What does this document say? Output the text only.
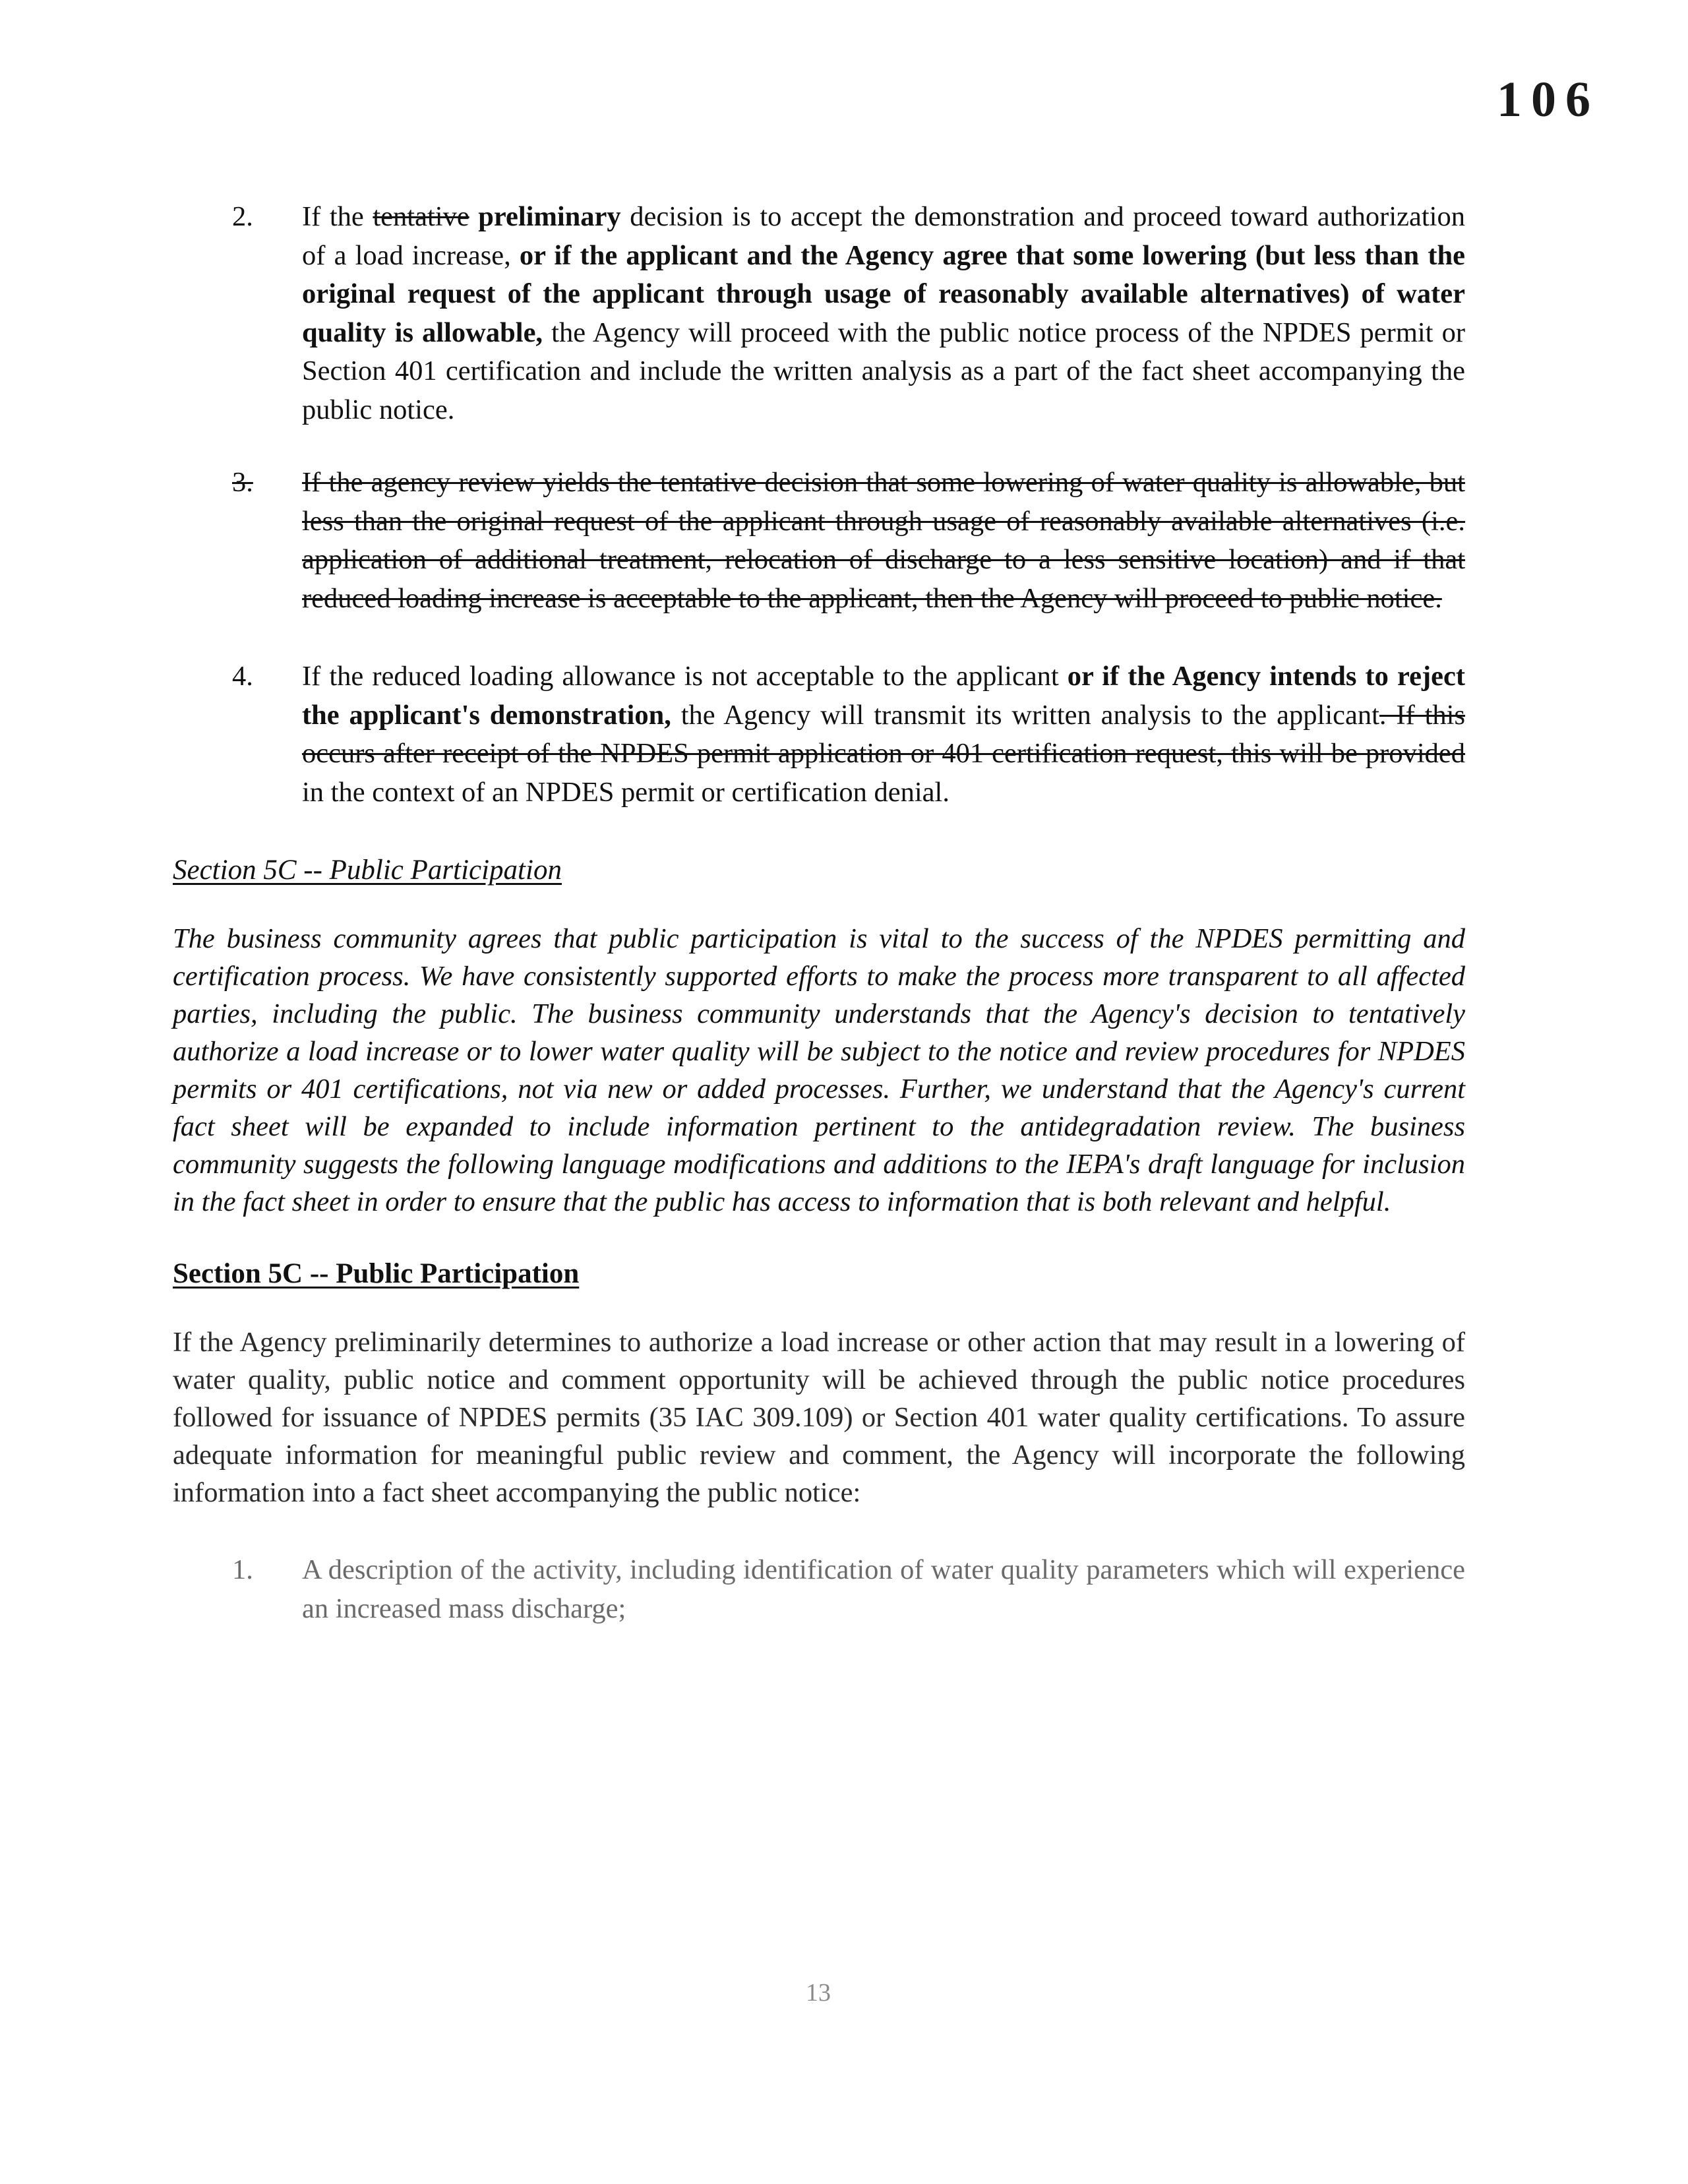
106
2. If the tentative preliminary decision is to accept the demonstration and proceed toward authorization of a load increase, or if the applicant and the Agency agree that some lowering (but less than the original request of the applicant through usage of reasonably available alternatives) of water quality is allowable, the Agency will proceed with the public notice process of the NPDES permit or Section 401 certification and include the written analysis as a part of the fact sheet accompanying the public notice.

3. If the agency review yields the tentative decision that some lowering of water quality is allowable, but less than the original request of the applicant through usage of reasonably available alternatives (i.e. application of additional treatment, relocation of discharge to a less sensitive location) and if that reduced loading increase is acceptable to the applicant, then the Agency will proceed to public notice.

4. If the reduced loading allowance is not acceptable to the applicant or if the Agency intends to reject the applicant's demonstration, the Agency will transmit its written analysis to the applicant. If this occurs after receipt of the NPDES permit application or 401 certification request, this will be provided in the context of an NPDES permit or certification denial.

Section 5C -- Public Participation

The business community agrees that public participation is vital to the success of the NPDES permitting and certification process. We have consistently supported efforts to make the process more transparent to all affected parties, including the public. The business community understands that the Agency's decision to tentatively authorize a load increase or to lower water quality will be subject to the notice and review procedures for NPDES permits or 401 certifications, not via new or added processes. Further, we understand that the Agency's current fact sheet will be expanded to include information pertinent to the antidegradation review. The business community suggests the following language modifications and additions to the IEPA's draft language for inclusion in the fact sheet in order to ensure that the public has access to information that is both relevant and helpful.

Section 5C -- Public Participation

If the Agency preliminarily determines to authorize a load increase or other action that may result in a lowering of water quality, public notice and comment opportunity will be achieved through the public notice procedures followed for issuance of NPDES permits (35 IAC 309.109) or Section 401 water quality certifications. To assure adequate information for meaningful public review and comment, the Agency will incorporate the following information into a fact sheet accompanying the public notice:

1. A description of the activity, including identification of water quality parameters which will experience an increased mass discharge;

13
